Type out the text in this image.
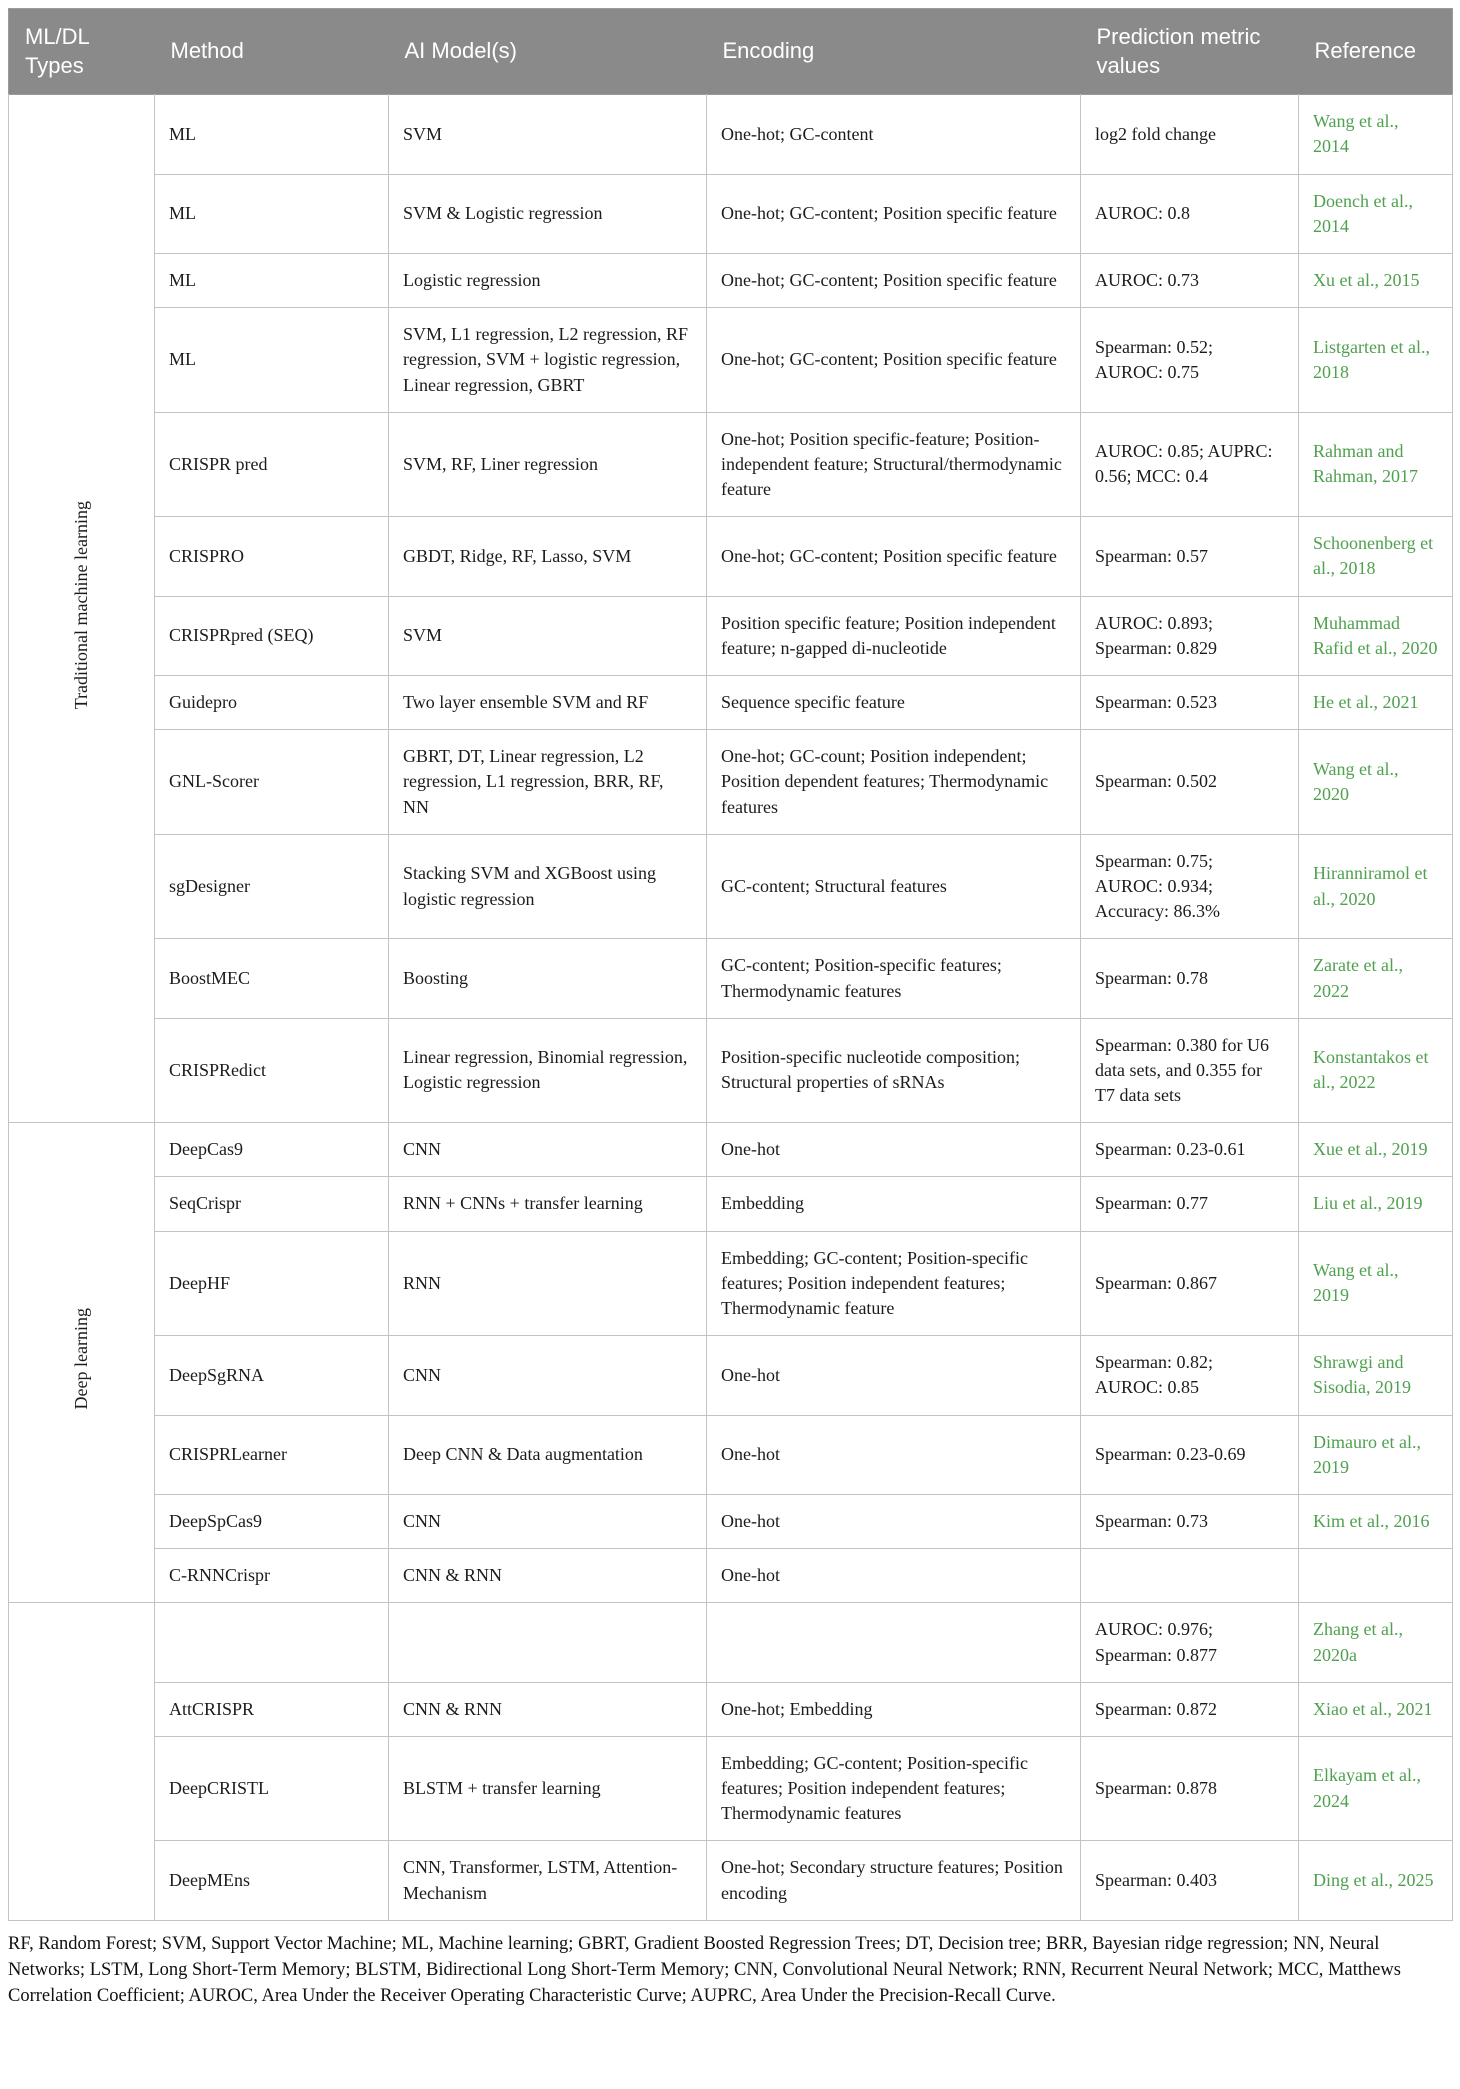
ML/DL Types	Method	AI Model(s)	Encoding	Prediction metric values	Reference
Traditional machine learning	ML	SVM	One-hot; GC-content	log2 fold change	Wang et al., 2014
	ML	SVM & Logistic regression	One-hot; GC-content; Position specific feature	AUROC: 0.8	Doench et al., 2014
	ML	Logistic regression	One-hot; GC-content; Position specific feature	AUROC: 0.73	Xu et al., 2015
	ML	SVM, L1 regression, L2 regression, RF regression, SVM + logistic regression, Linear regression, GBRT	One-hot; GC-content; Position specific feature	Spearman: 0.52; AUROC: 0.75	Listgarten et al., 2018
	CRISPR pred	SVM, RF, Liner regression	One-hot; Position specific-feature; Position-independent feature; Structural/thermodynamic feature	AUROC: 0.85; AUPRC: 0.56; MCC: 0.4	Rahman and Rahman, 2017
	CRISPRO	GBDT, Ridge, RF, Lasso, SVM	One-hot; GC-content; Position specific feature	Spearman: 0.57	Schoonenberg et al., 2018
	CRISPRpred (SEQ)	SVM	Position specific feature; Position independent feature; n-gapped di-nucleotide	AUROC: 0.893; Spearman: 0.829	Muhammad Rafid et al., 2020
	Guidepro	Two layer ensemble SVM and RF	Sequence specific feature	Spearman: 0.523	He et al., 2021
	GNL-Scorer	GBRT, DT, Linear regression, L2 regression, L1 regression, BRR, RF, NN	One-hot; GC-count; Position independent; Position dependent features; Thermodynamic features	Spearman: 0.502	Wang et al., 2020
	sgDesigner	Stacking SVM and XGBoost using logistic regression	GC-content; Structural features	Spearman: 0.75; AUROC: 0.934; Accuracy: 86.3%	Hiranniramol et al., 2020
	BoostMEC	Boosting	GC-content; Position-specific features; Thermodynamic features	Spearman: 0.78	Zarate et al., 2022
	CRISPRedict	Linear regression, Binomial regression, Logistic regression	Position-specific nucleotide composition; Structural properties of sRNAs	Spearman: 0.380 for U6 data sets, and 0.355 for T7 data sets	Konstantakos et al., 2022
Deep learning	DeepCas9	CNN	One-hot	Spearman: 0.23-0.61	Xue et al., 2019
	SeqCrispr	RNN + CNNs + transfer learning	Embedding	Spearman: 0.77	Liu et al., 2019
	DeepHF	RNN	Embedding; GC-content; Position-specific features; Position independent features; Thermodynamic feature	Spearman: 0.867	Wang et al., 2019
	DeepSgRNA	CNN	One-hot	Spearman: 0.82; AUROC: 0.85	Shrawgi and Sisodia, 2019
	CRISPRLearner	Deep CNN & Data augmentation	One-hot	Spearman: 0.23-0.69	Dimauro et al., 2019
	DeepSpCas9	CNN	One-hot	Spearman: 0.73	Kim et al., 2016
	C-RNNCrispr	CNN & RNN	One-hot		
				AUROC: 0.976; Spearman: 0.877	Zhang et al., 2020a
	AttCRISPR	CNN & RNN	One-hot; Embedding	Spearman: 0.872	Xiao et al., 2021
	DeepCRISTL	BLSTM + transfer learning	Embedding; GC-content; Position-specific features; Position independent features; Thermodynamic features	Spearman: 0.878	Elkayam et al., 2024
	DeepMEns	CNN, Transformer, LSTM, Attention-Mechanism	One-hot; Secondary structure features; Position encoding	Spearman: 0.403	Ding et al., 2025
RF, Random Forest; SVM, Support Vector Machine; ML, Machine learning; GBRT, Gradient Boosted Regression Trees; DT, Decision tree; BRR, Bayesian ridge regression; NN, Neural Networks; LSTM, Long Short-Term Memory; BLSTM, Bidirectional Long Short-Term Memory; CNN, Convolutional Neural Network; RNN, Recurrent Neural Network; MCC, Matthews Correlation Coefficient; AUROC, Area Under the Receiver Operating Characteristic Curve; AUPRC, Area Under the Precision-Recall Curve.
